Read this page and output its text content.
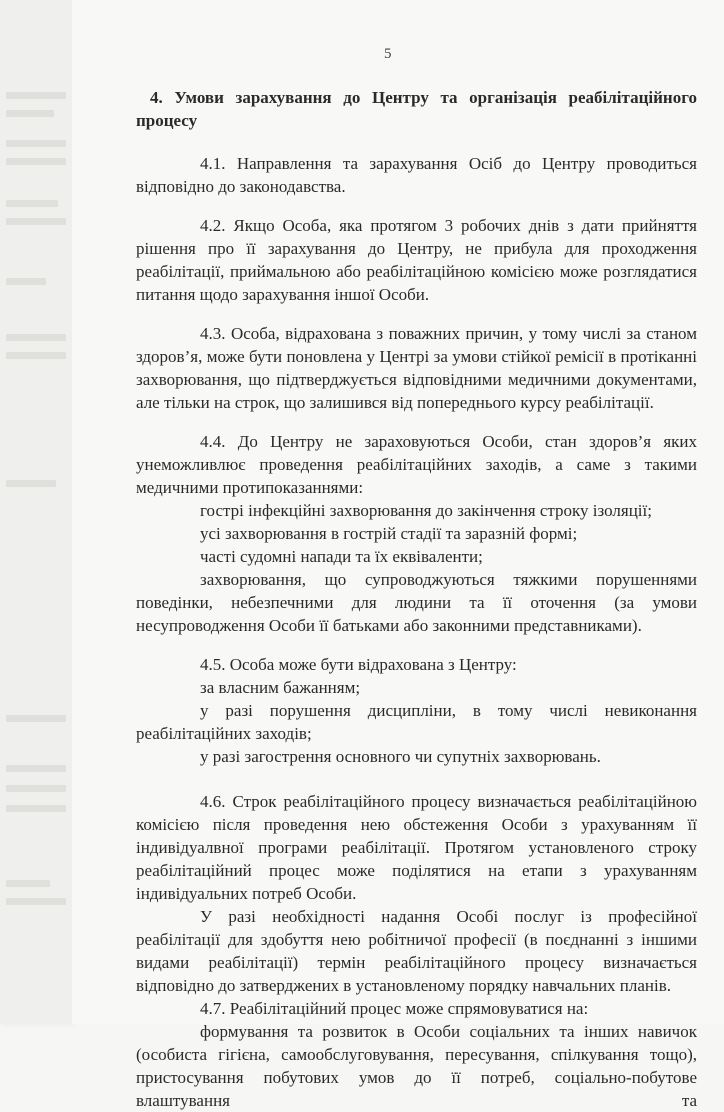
5
4. Умови зарахування до Центру та організація реабілітаційного
процесу

4.1. Направлення та зарахування Осіб до Центру проводиться відповідно до законодавства.

4.2. Якщо Особа, яка протягом 3 робочих днів з дати прийняття рішення про її зарахування до Центру, не прибула для проходження реабілітації, приймальною або реабілітаційною комісією може розглядатися питання щодо зарахування іншої Особи.

4.3. Особа, відрахована з поважних причин, у тому числі за станом здоров’я, може бути поновлена у Центрі за умови стійкої ремісії в протіканні захворювання, що підтверджується відповідними медичними документами, але тільки на строк, що залишився від попереднього курсу реабілітації.

4.4. До Центру не зараховуються Особи, стан здоров’я яких унеможливлює проведення реабілітаційних заходів, а саме з такими медичними протипоказаннями:

гострі інфекційні захворювання до закінчення строку ізоляції;

усі захворювання в гострій стадії та заразній формі;

часті судомні напади та їх еквіваленти;

захворювання, що супроводжуються тяжкими порушеннями поведінки, небезпечними для людини та її оточення (за умови несупроводження Особи її батьками або законними представниками).

4.5. Особа може бути відрахована з Центру:

за власним бажанням;

у разі порушення дисципліни, в тому числі невиконання реабілітаційних заходів;

у разі загострення основного чи супутніх захворювань.

4.6. Строк реабілітаційного процесу визначається реабілітаційною комісією після проведення нею обстеження Особи з урахуванням її індивідуалвної програми реабілітації. Протягом установленого строку реабілітаційний процес може поділятися на етапи з урахуванням індивідуальних потреб Особи.

У разі необхідності надання Особі послуг із професійної реабілітації для здобуття нею робітничої професії (в поєднанні з іншими видами реабілітації) термін реабілітаційного процесу визначається відповідно до затверджених в установленому порядку навчальних планів.

4.7. Реабілітаційний процес може спрямовуватися на:

формування та розвиток в Особи соціальних та інших навичок (особиста гігієна, самообслуговування, пересування, спілкування тощо), пристосування побутових умов до її потреб, соціально-побутове влаштування та
